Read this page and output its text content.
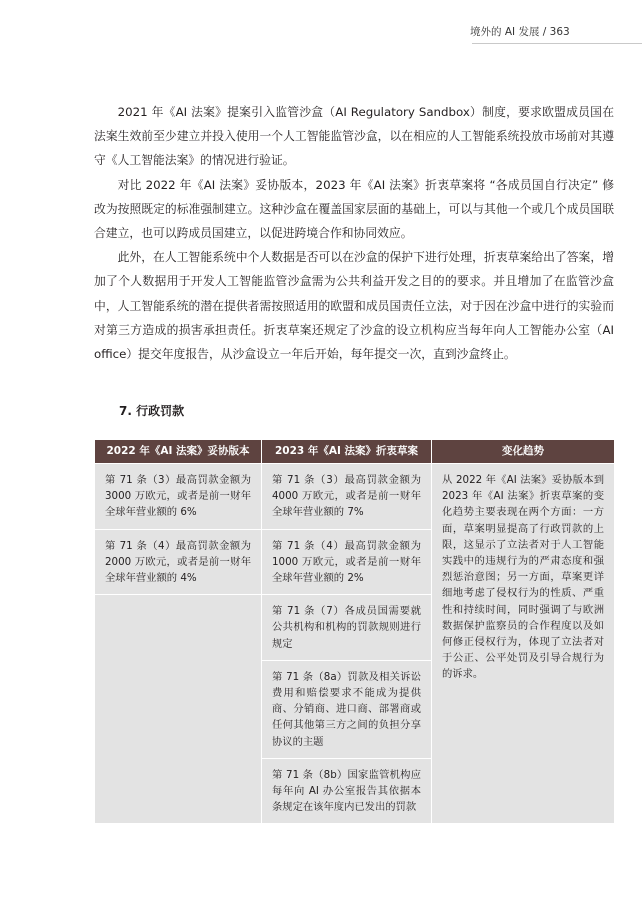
境外的 AI 发展 / 363

2021 年《AI 法案》提案引入监管沙盒（AI Regulatory Sandbox）制度，要求欧盟成员国在法案生效前至少建立并投入使用一个人工智能监管沙盒，以在相应的人工智能系统投放市场前对其遵守《人工智能法案》的情况进行验证。

对比 2022 年《AI 法案》妥协版本，2023 年《AI 法案》折衷草案将 “各成员国自行决定” 修改为按照既定的标准强制建立。这种沙盒在覆盖国家层面的基础上，可以与其他一个或几个成员国联合建立，也可以跨成员国建立，以促进跨境合作和协同效应。

此外，在人工智能系统中个人数据是否可以在沙盒的保护下进行处理，折衷草案给出了答案，增加了个人数据用于开发人工智能监管沙盒需为公共利益开发之目的的要求。并且增加了在监管沙盒中，人工智能系统的潜在提供者需按照适用的欧盟和成员国责任立法，对于因在沙盒中进行的实验而对第三方造成的损害承担责任。折衷草案还规定了沙盒的设立机构应当每年向人工智能办公室（AI office）提交年度报告，从沙盒设立一年后开始，每年提交一次，直到沙盒终止。

7. 行政罚款
2022 年《AI 法案》妥协版本	2023 年《AI 法案》折衷草案	变化趋势
第 71 条（3）最高罚款金额为 3000 万欧元，或者是前一财年全球年营业额的 6%	第 71 条（3）最高罚款金额为 4000 万欧元，或者是前一财年全球年营业额的 7%	从 2022 年《AI 法案》妥协版本到 2023 年《AI 法案》折衷草案的变化趋势主要表现在两个方面：一方面，草案明显提高了行政罚款的上限，这显示了立法者对于人工智能实践中的违规行为的严肃态度和强烈惩治意图；另一方面，草案更详细地考虑了侵权行为的性质、严重性和持续时间，同时强调了与欧洲数据保护监察员的合作程度以及如何修正侵权行为，体现了立法者对于公正、公平处罚及引导合规行为的诉求。
第 71 条（4）最高罚款金额为 2000 万欧元，或者是前一财年全球年营业额的 4%	第 71 条（4）最高罚款金额为 1000 万欧元，或者是前一财年全球年营业额的 2%	
	第 71 条（7）各成员国需要就公共机构和机构的罚款规则进行规定	
	第 71 条（8a）罚款及相关诉讼费用和赔偿要求不能成为提供商、分销商、进口商、部署商或任何其他第三方之间的负担分享协议的主题	
	第 71 条（8b）国家监管机构应每年向 AI 办公室报告其依据本条规定在该年度内已发出的罚款	
